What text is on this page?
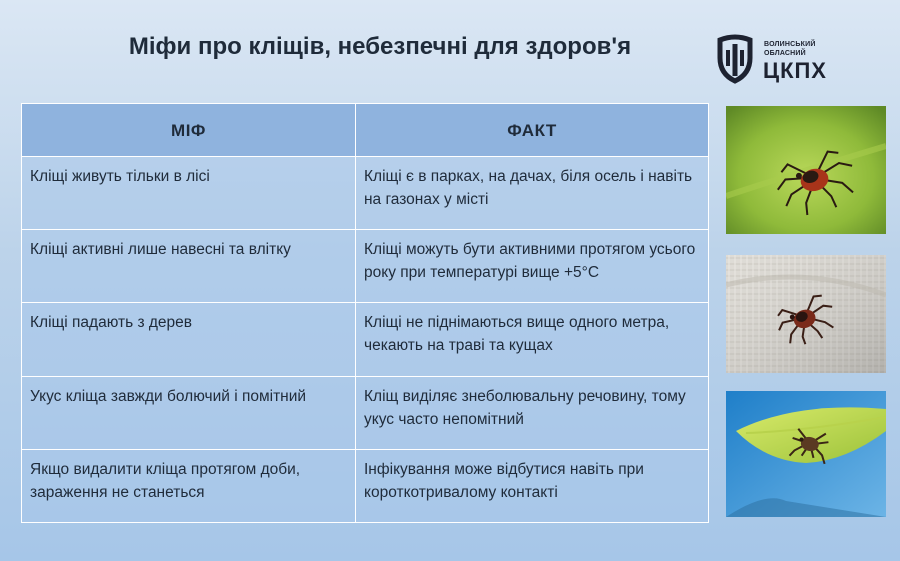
Міфи про кліщів, небезпечні для здоров'я	ВОЛИНСЬКИЙ ОБЛАСНИЙ
ЦКПХ
МІФ	ФАКТ
Кліщі живуть тільки в лісі	Кліщі є в парках, на дачах, біля осель і навіть на газонах у місті
Кліщі активні лише навесні та влітку	Кліщі можуть бути активними протягом усього року при температурі вище +5°С
Кліщі падають з дерев	Кліщі не піднімаються вище одного метра, чекають на траві та кущах
Укус кліща завжди болючий і помітний	Кліщ виділяє знеболювальну речовину, тому укус часто непомітний
Якщо видалити кліща протягом доби, зараження не станеться	Інфікування може відбутися навіть при короткотривалому контакті
